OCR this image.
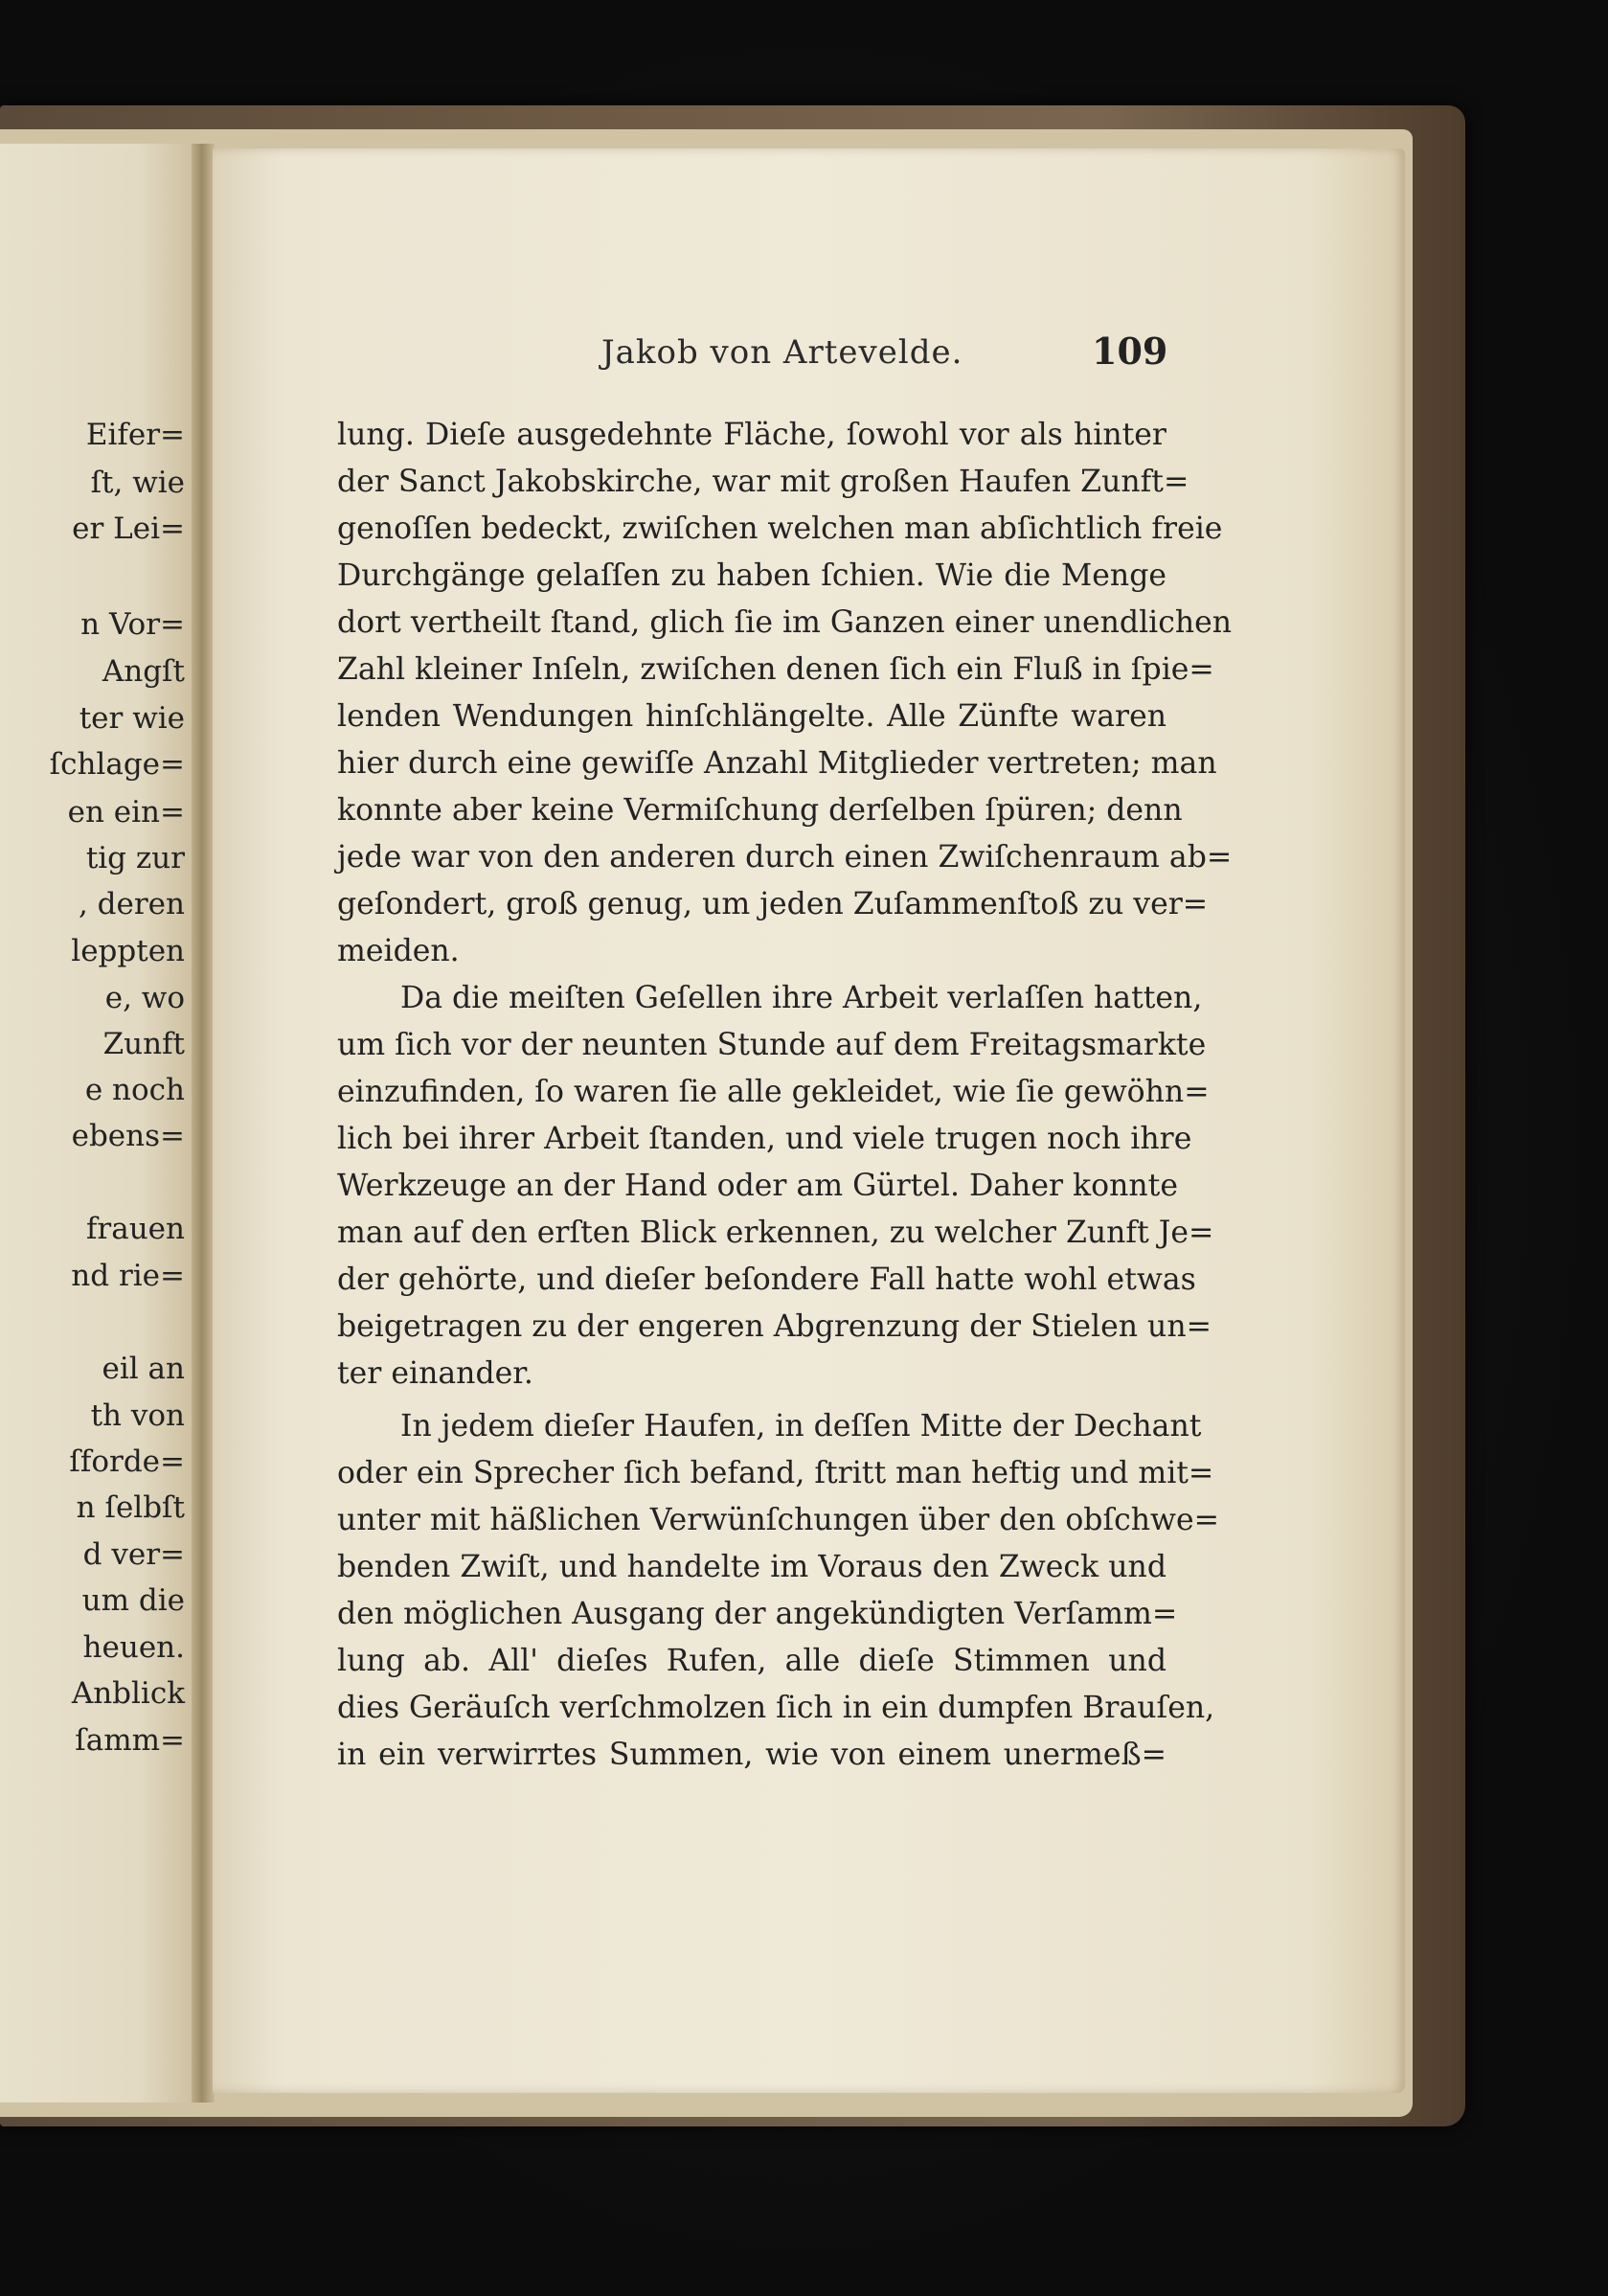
Eifer=
ſt, wie
er Lei=
n Vor=
Angſt
ter wie
ſchlage=
en ein=
tig zur
, deren
leppten
e, wo
Zunft
e noch
ebens=
frauen
nd rie=
eil an
th von
ſforde=
n ſelbſt
d ver=
um die
heuen.
Anblick
ſamm=
Jakob von Artevelde.	109
lung. Dieſe ausgedehnte Fläche, ſowohl vor als hinter
der Sanct Jakobskirche, war mit großen Haufen Zunft=
genoſſen bedeckt, zwiſchen welchen man abſichtlich freie
Durchgänge gelaſſen zu haben ſchien. Wie die Menge
dort vertheilt ſtand, glich ſie im Ganzen einer unendlichen
Zahl kleiner Inſeln, zwiſchen denen ſich ein Fluß in ſpie=
lenden Wendungen hinſchlängelte. Alle Zünfte waren
hier durch eine gewiſſe Anzahl Mitglieder vertreten; man
konnte aber keine Vermiſchung derſelben ſpüren; denn
jede war von den anderen durch einen Zwiſchenraum ab=
geſondert, groß genug, um jeden Zuſammenſtoß zu ver=
meiden.
Da die meiſten Geſellen ihre Arbeit verlaſſen hatten,
um ſich vor der neunten Stunde auf dem Freitagsmarkte
einzufinden, ſo waren ſie alle gekleidet, wie ſie gewöhn=
lich bei ihrer Arbeit ſtanden, und viele trugen noch ihre
Werkzeuge an der Hand oder am Gürtel. Daher konnte
man auf den erſten Blick erkennen, zu welcher Zunft Je=
der gehörte, und dieſer beſondere Fall hatte wohl etwas
beigetragen zu der engeren Abgrenzung der Stielen un=
ter einander.
In jedem dieſer Haufen, in deſſen Mitte der Dechant
oder ein Sprecher ſich befand, ſtritt man heftig und mit=
unter mit häßlichen Verwünſchungen über den obſchwe=
benden Zwiſt, und handelte im Voraus den Zweck und
den möglichen Ausgang der angekündigten Verſamm=
lung ab. All' dieſes Rufen, alle dieſe Stimmen und
dies Geräuſch verſchmolzen ſich in ein dumpfen Brauſen,
in ein verwirrtes Summen, wie von einem unermeß=
